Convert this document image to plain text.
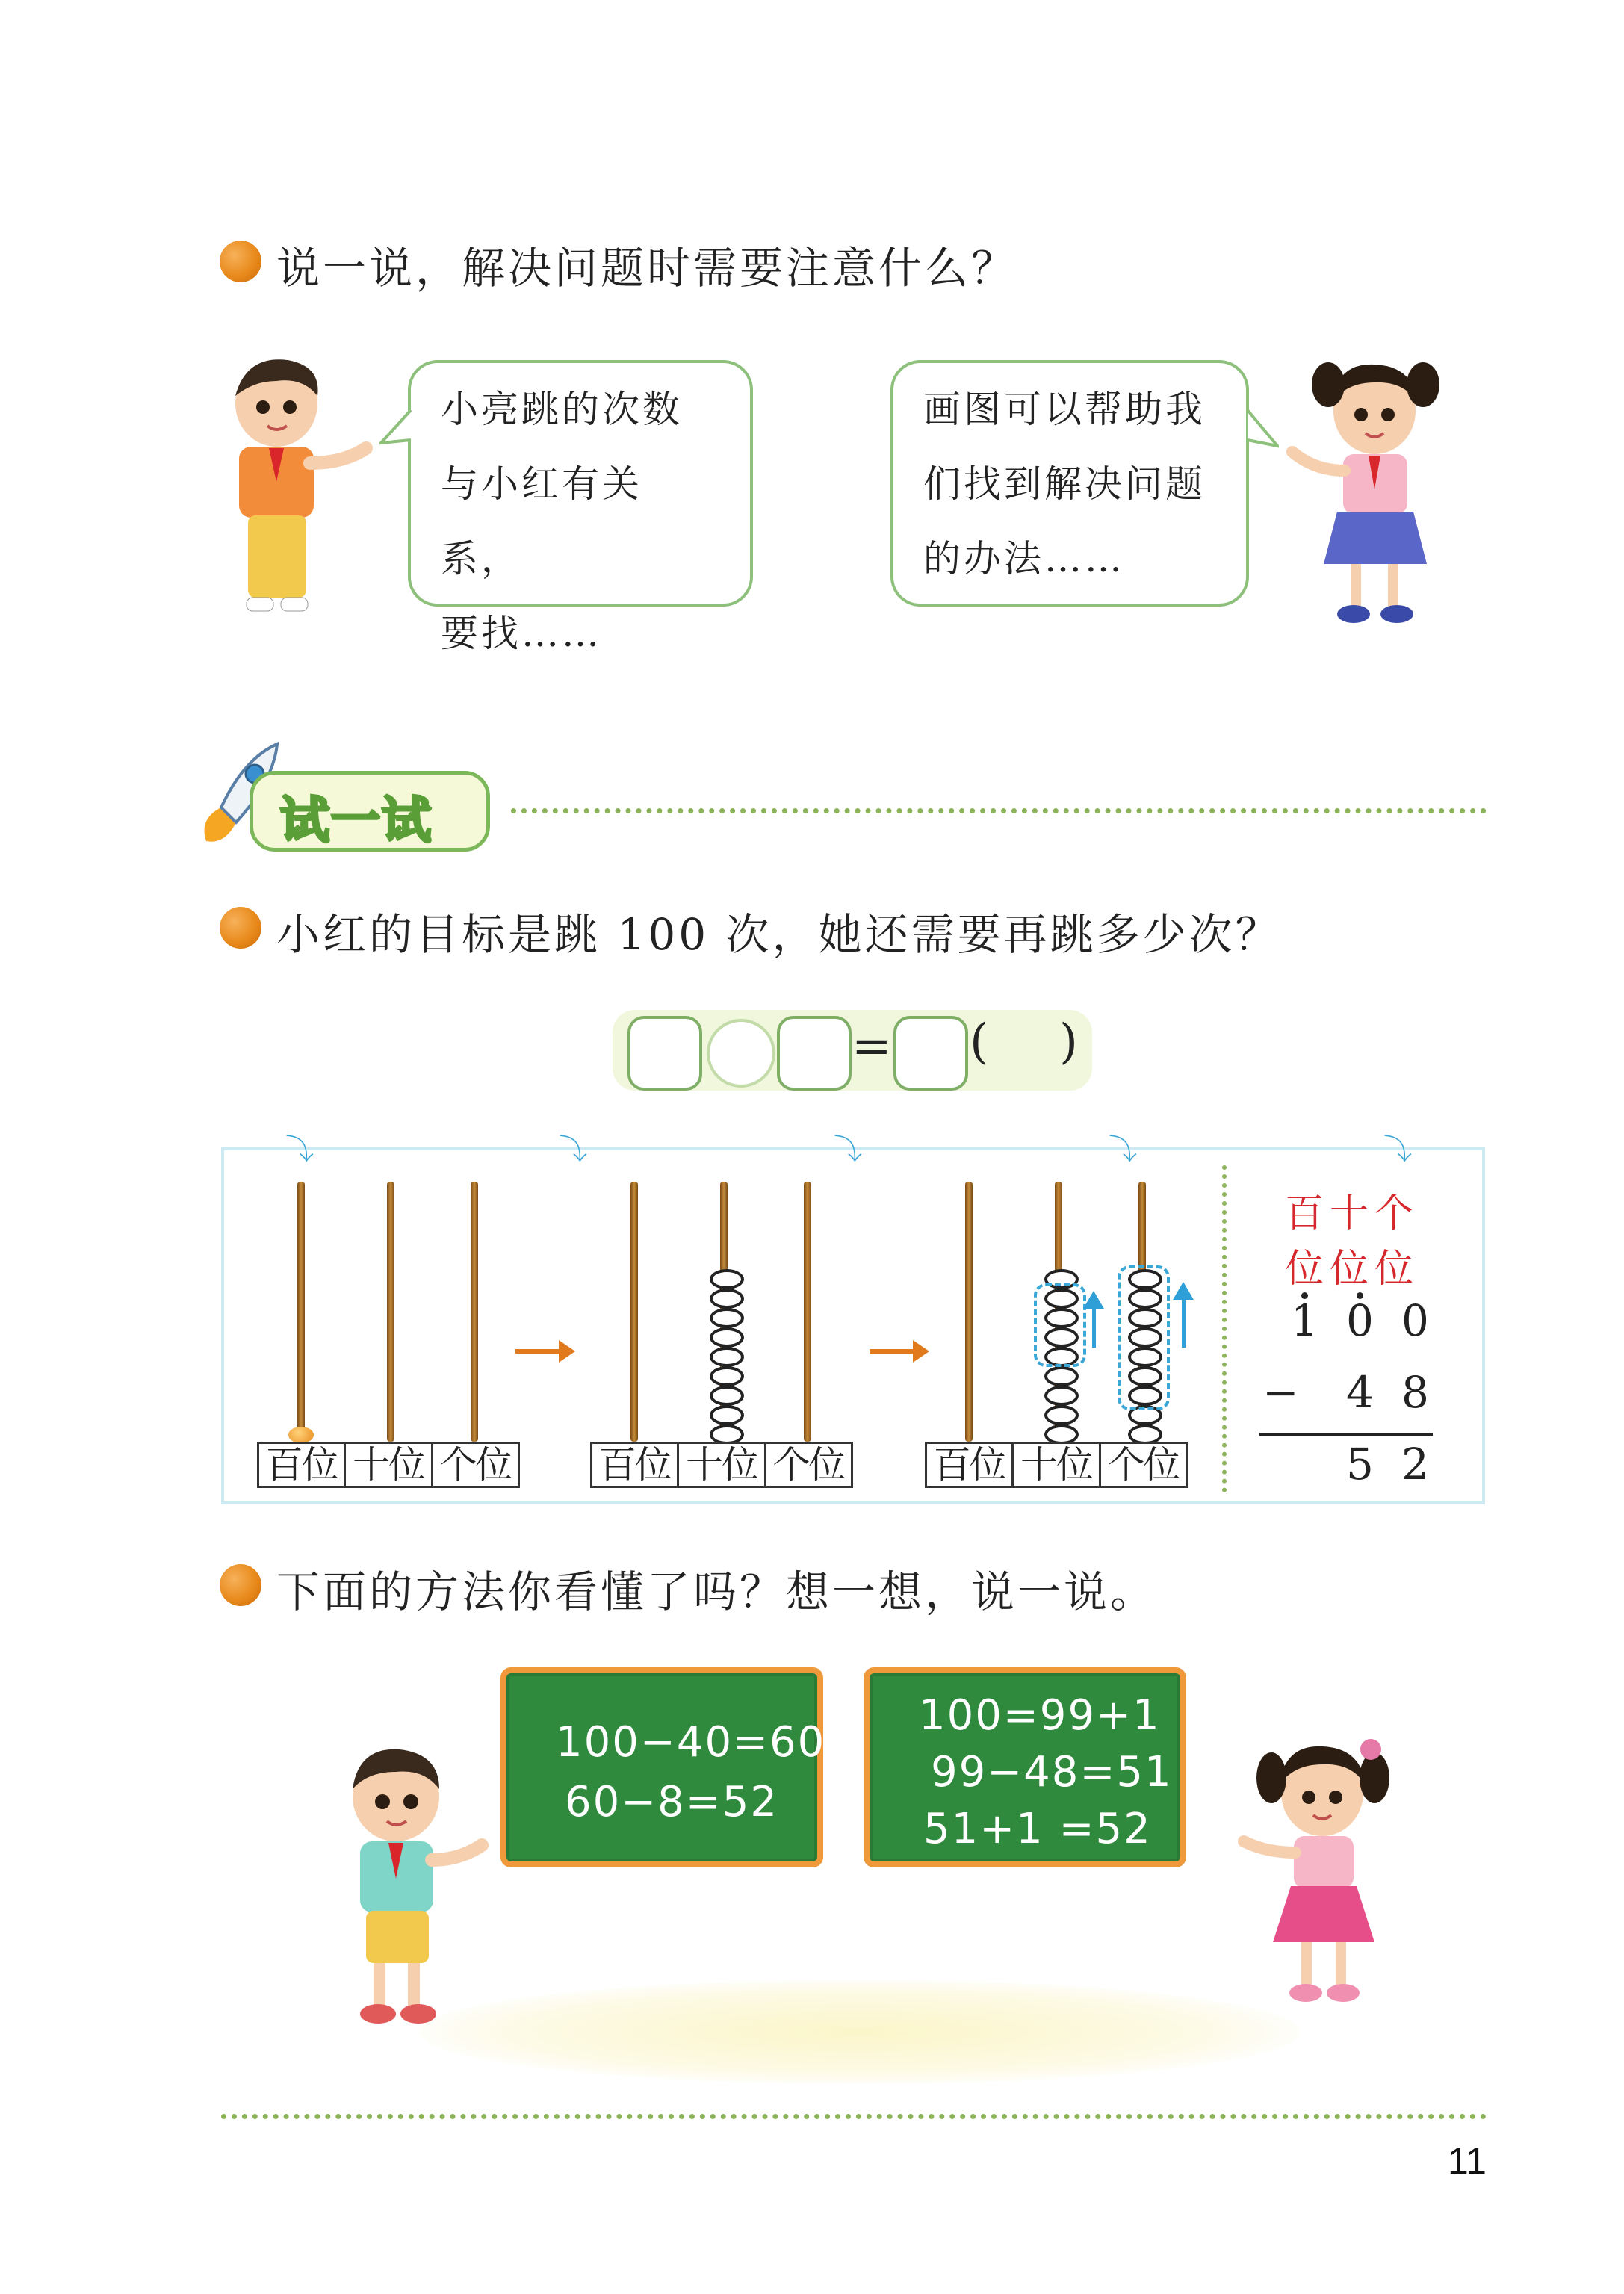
说一说，解决问题时需要注意什么？
小亮跳的次数
与小红有关系，
要找……
画图可以帮助我
们找到解决问题
的办法……
试一试
小红的目标是跳 100 次，她还需要再跳多少次？
= ( )
⤵	⤵	⤵	⤵	⤵
百位 十位 个位 百位 十位 个位 百位 十位 个位
百十个
位位位
1 0 0
− 4 8
5 2
下面的方法你看懂了吗？想一想，说一说。
100−40=60
60−8=52
100=99+1
99−48=51
51+1 =52
11
